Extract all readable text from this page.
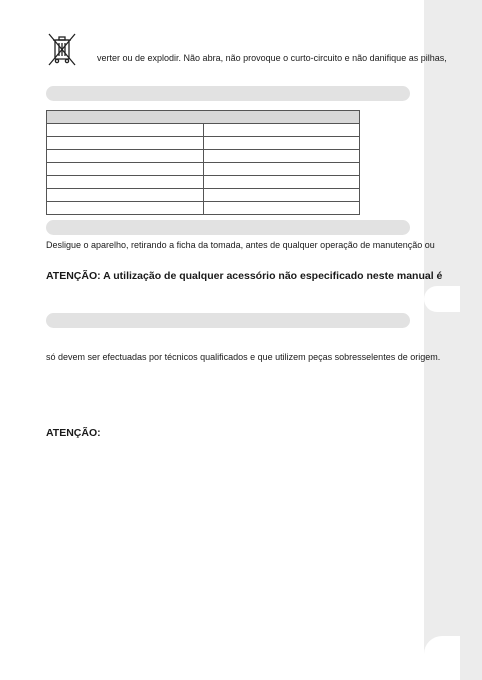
verter ou de explodir. Não abra, não provoque o curto-circuito e não danifique as pilhas,

Desligue o aparelho, retirando a ficha da tomada, antes de qualquer operação de manutenção ou
ATENÇÃO: A utilização de qualquer acessório não especificado neste manual é
só devem ser efectuadas por técnicos qualificados e que utilizem peças sobresselentes de origem.
ATENÇÃO:
